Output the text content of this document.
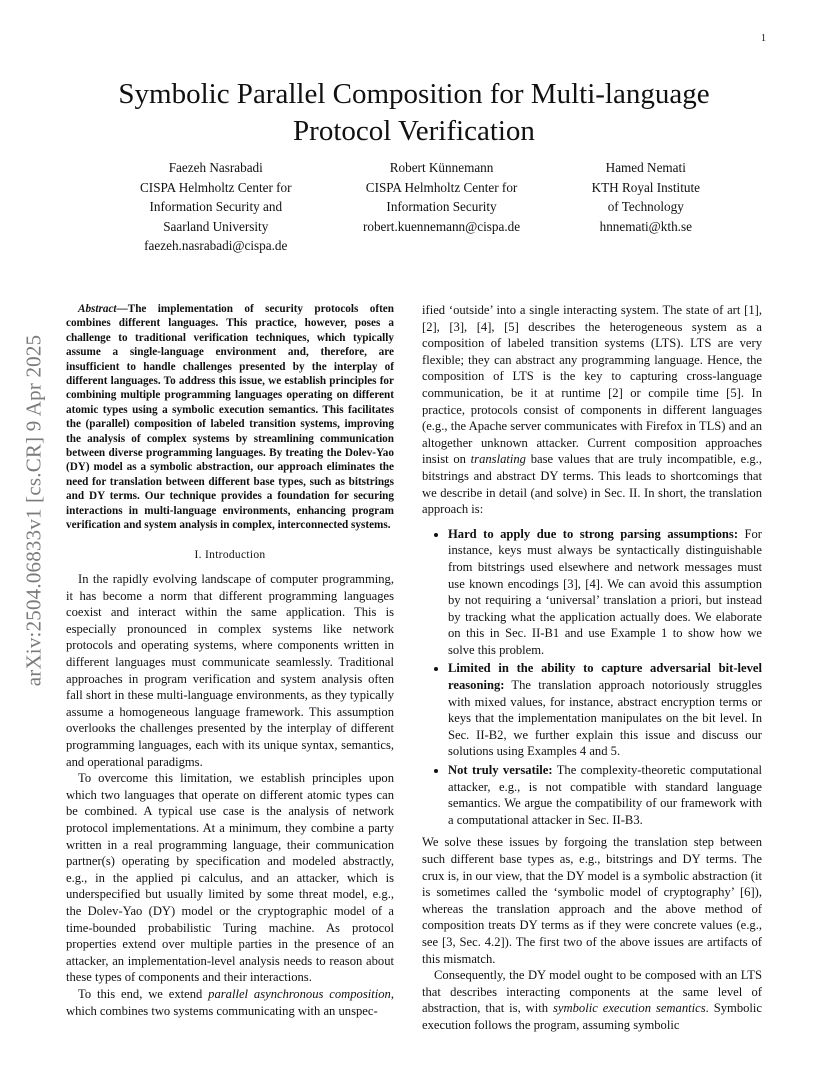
1
arXiv:2504.06833v1 [cs.CR] 9 Apr 2025
Symbolic Parallel Composition for Multi-language
Protocol Verification
Faezeh Nasrabadi
CISPA Helmholtz Center for
Information Security and
Saarland University
faezeh.nasrabadi@cispa.de
Robert Künnemann
CISPA Helmholtz Center for
Information Security
robert.kuennemann@cispa.de
Hamed Nemati
KTH Royal Institute
of Technology
hnnemati@kth.se

Abstract—The implementation of security protocols often combines different languages. This practice, however, poses a challenge to traditional verification techniques, which typically assume a single-language environment and, therefore, are insufficient to handle challenges presented by the interplay of different languages. To address this issue, we establish principles for combining multiple programming languages operating on different atomic types using a symbolic execution semantics. This facilitates the (parallel) composition of labeled transition systems, improving the analysis of complex systems by streamlining communication between diverse programming languages. By treating the Dolev-Yao (DY) model as a symbolic abstraction, our approach eliminates the need for translation between different base types, such as bitstrings and DY terms. Our technique provides a foundation for securing interactions in multi-language environments, enhancing program verification and system analysis in complex, interconnected systems.

I. Introduction

In the rapidly evolving landscape of computer programming, it has become a norm that different programming languages coexist and interact within the same application. This is especially pronounced in complex systems like network protocols and operating systems, where components written in different languages must communicate seamlessly. Traditional approaches in program verification and system analysis often fall short in these multi-language environments, as they typically assume a homogeneous language framework. This assumption overlooks the challenges presented by the interplay of different programming languages, each with its unique syntax, semantics, and operational paradigms.

To overcome this limitation, we establish principles upon which two languages that operate on different atomic types can be combined. A typical use case is the analysis of network protocol implementations. At a minimum, they combine a party written in a real programming language, their communication partner(s) operating by specification and modeled abstractly, e.g., in the applied pi calculus, and an attacker, which is underspecified but usually limited by some threat model, e.g., the Dolev-Yao (DY) model or the cryptographic model of a time-bounded probabilistic Turing machine. As protocol properties extend over multiple parties in the presence of an attacker, an implementation-level analysis needs to reason about these types of components and their interactions.

To this end, we extend parallel asynchronous composition, which combines two systems communicating with an unspec-

ified ‘outside’ into a single interacting system. The state of art [1], [2], [3], [4], [5] describes the heterogeneous system as a composition of labeled transition systems (LTS). LTS are very flexible; they can abstract any programming language. Hence, the composition of LTS is the key to capturing cross-language communication, be it at runtime [2] or compile time [5]. In practice, protocols consist of components in different languages (e.g., the Apache server communicates with Firefox in TLS) and an altogether unknown attacker. Current composition approaches insist on translating base values that are truly incompatible, e.g., bitstrings and abstract DY terms. This leads to shortcomings that we describe in detail (and solve) in Sec. II. In short, the translation approach is:

• Hard to apply due to strong parsing assumptions: For instance, keys must always be syntactically distinguishable from bitstrings used elsewhere and network messages must use known encodings [3], [4]. We can avoid this assumption by not requiring a ‘universal’ translation a priori, but instead by tracking what the application actually does. We elaborate on this in Sec. II-B1 and use Example 1 to show how we solve this problem.
• Limited in the ability to capture adversarial bit-level reasoning: The translation approach notoriously struggles with mixed values, for instance, abstract encryption terms or keys that the implementation manipulates on the bit level. In Sec. II-B2, we further explain this issue and discuss our solutions using Examples 4 and 5.
• Not truly versatile: The complexity-theoretic computational attacker, e.g., is not compatible with standard language semantics. We argue the compatibility of our framework with a computational attacker in Sec. II-B3.

We solve these issues by forgoing the translation step between such different base types as, e.g., bitstrings and DY terms. The crux is, in our view, that the DY model is a symbolic abstraction (it is sometimes called the ‘symbolic model of cryptography’ [6]), whereas the translation approach and the above method of composition treats DY terms as if they were concrete values (e.g., see [3, Sec. 4.2]). The first two of the above issues are artifacts of this mismatch.

Consequently, the DY model ought to be composed with an LTS that describes interacting components at the same level of abstraction, that is, with symbolic execution semantics. Symbolic execution follows the program, assuming symbolic
